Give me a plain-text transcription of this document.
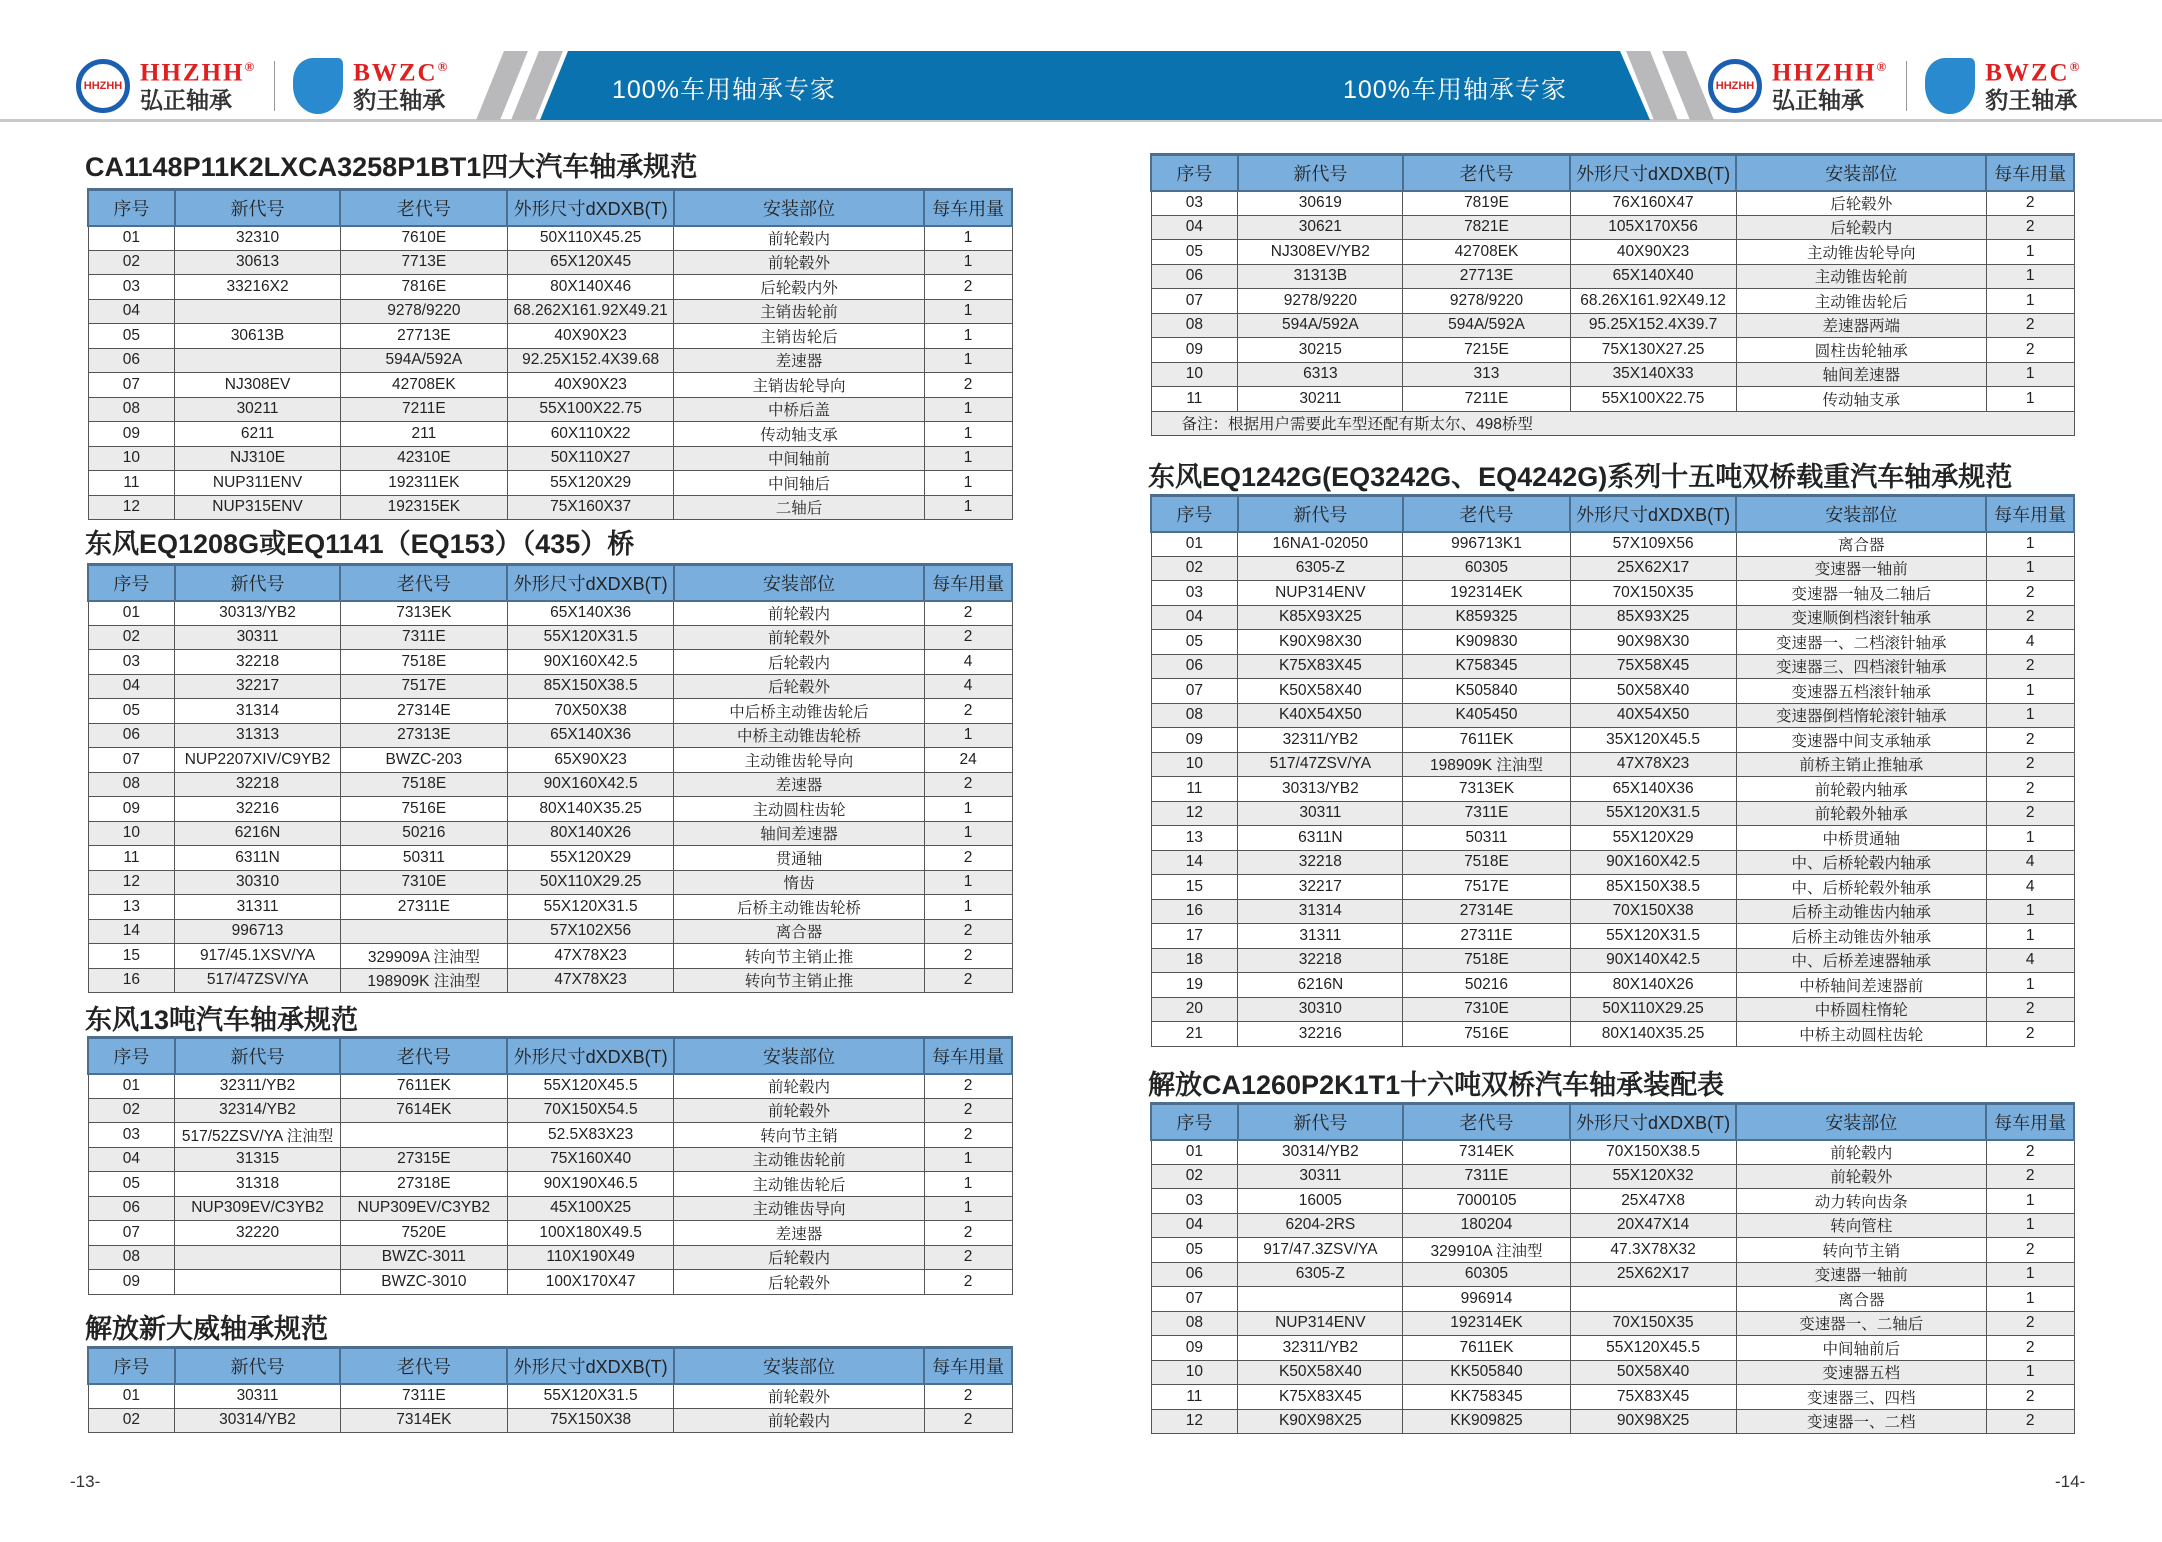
100%车用轴承专家	100%车用轴承专家
HHZHH HHZHH®
弘正轴承
BWZC®
豹王轴承
HHZHH HHZHH®
弘正轴承
BWZC®
豹王轴承
CA1148P11K2LXCA3258P1BT1四大汽车轴承规范
序号	新代号	老代号	外形尺寸dXDXB(T)	安装部位	每车用量
01	32310	7610E	50X110X45.25	前轮毂内	1
02	30613	7713E	65X120X45	前轮毂外	1
03	33216X2	7816E	80X140X46	后轮毂内外	2
04		9278/9220	68.262X161.92X49.21	主销齿轮前	1
05	30613B	27713E	40X90X23	主销齿轮后	1
06		594A/592A	92.25X152.4X39.68	差速器	1
07	NJ308EV	42708EK	40X90X23	主销齿轮导向	2
08	30211	7211E	55X100X22.75	中桥后盖	1
09	6211	211	60X110X22	传动轴支承	1
10	NJ310E	42310E	50X110X27	中间轴前	1
11	NUP311ENV	192311EK	55X120X29	中间轴后	1
12	NUP315ENV	192315EK	75X160X37	二轴后	1
东风EQ1208G或EQ1141（EQ153）（435）桥
序号	新代号	老代号	外形尺寸dXDXB(T)	安装部位	每车用量
01	30313/YB2	7313EK	65X140X36	前轮毂内	2
02	30311	7311E	55X120X31.5	前轮毂外	2
03	32218	7518E	90X160X42.5	后轮毂内	4
04	32217	7517E	85X150X38.5	后轮毂外	4
05	31314	27314E	70X50X38	中后桥主动锥齿轮后	2
06	31313	27313E	65X140X36	中桥主动锥齿轮桥	1
07	NUP2207XIV/C9YB2	BWZC-203	65X90X23	主动锥齿轮导向	24
08	32218	7518E	90X160X42.5	差速器	2
09	32216	7516E	80X140X35.25	主动圆柱齿轮	1
10	6216N	50216	80X140X26	轴间差速器	1
11	6311N	50311	55X120X29	贯通轴	2
12	30310	7310E	50X110X29.25	惰齿	1
13	31311	27311E	55X120X31.5	后桥主动锥齿轮桥	1
14	996713		57X102X56	离合器	2
15	917/45.1XSV/YA	329909A 注油型	47X78X23	转向节主销止推	2
16	517/47ZSV/YA	198909K 注油型	47X78X23	转向节主销止推	2
东风13吨汽车轴承规范
序号	新代号	老代号	外形尺寸dXDXB(T)	安装部位	每车用量
01	32311/YB2	7611EK	55X120X45.5	前轮毂内	2
02	32314/YB2	7614EK	70X150X54.5	前轮毂外	2
03	517/52ZSV/YA 注油型		52.5X83X23	转向节主销	2
04	31315	27315E	75X160X40	主动锥齿轮前	1
05	31318	27318E	90X190X46.5	主动锥齿轮后	1
06	NUP309EV/C3YB2	NUP309EV/C3YB2	45X100X25	主动锥齿导向	1
07	32220	7520E	100X180X49.5	差速器	2
08		BWZC-3011	110X190X49	后轮毂内	2
09		BWZC-3010	100X170X47	后轮毂外	2
解放新大威轴承规范
序号	新代号	老代号	外形尺寸dXDXB(T)	安装部位	每车用量
01	30311	7311E	55X120X31.5	前轮毂外	2
02	30314/YB2	7314EK	75X150X38	前轮毂内	2
序号	新代号	老代号	外形尺寸dXDXB(T)	安装部位	每车用量
03	30619	7819E	76X160X47	后轮毂外	2
04	30621	7821E	105X170X56	后轮毂内	2
05	NJ308EV/YB2	42708EK	40X90X23	主动锥齿轮导向	1
06	31313B	27713E	65X140X40	主动锥齿轮前	1
07	9278/9220	9278/9220	68.26X161.92X49.12	主动锥齿轮后	1
08	594A/592A	594A/592A	95.25X152.4X39.7	差速器两端	2
09	30215	7215E	75X130X27.25	圆柱齿轮轴承	2
10	6313	313	35X140X33	轴间差速器	1
11	30211	7211E	55X100X22.75	传动轴支承	1
备注：根据用户需要此车型还配有斯太尔、498桥型					
东风EQ1242G(EQ3242G、EQ4242G)系列十五吨双桥载重汽车轴承规范
序号	新代号	老代号	外形尺寸dXDXB(T)	安装部位	每车用量
01	16NA1-02050	996713K1	57X109X56	离合器	1
02	6305-Z	60305	25X62X17	变速器一轴前	1
03	NUP314ENV	192314EK	70X150X35	变速器一轴及二轴后	2
04	K85X93X25	K859325	85X93X25	变速顺倒档滚针轴承	2
05	K90X98X30	K909830	90X98X30	变速器一、二档滚针轴承	4
06	K75X83X45	K758345	75X58X45	变速器三、四档滚针轴承	2
07	K50X58X40	K505840	50X58X40	变速器五档滚针轴承	1
08	K40X54X50	K405450	40X54X50	变速器倒档惰轮滚针轴承	1
09	32311/YB2	7611EK	35X120X45.5	变速器中间支承轴承	2
10	517/47ZSV/YA	198909K 注油型	47X78X23	前桥主销止推轴承	2
11	30313/YB2	7313EK	65X140X36	前轮毂内轴承	2
12	30311	7311E	55X120X31.5	前轮毂外轴承	2
13	6311N	50311	55X120X29	中桥贯通轴	1
14	32218	7518E	90X160X42.5	中、后桥轮毂内轴承	4
15	32217	7517E	85X150X38.5	中、后桥轮毂外轴承	4
16	31314	27314E	70X150X38	后桥主动锥齿内轴承	1
17	31311	27311E	55X120X31.5	后桥主动锥齿外轴承	1
18	32218	7518E	90X140X42.5	中、后桥差速器轴承	4
19	6216N	50216	80X140X26	中桥轴间差速器前	1
20	30310	7310E	50X110X29.25	中桥圆柱惰轮	2
21	32216	7516E	80X140X35.25	中桥主动圆柱齿轮	2
解放CA1260P2K1T1十六吨双桥汽车轴承装配表
序号	新代号	老代号	外形尺寸dXDXB(T)	安装部位	每车用量
01	30314/YB2	7314EK	70X150X38.5	前轮毂内	2
02	30311	7311E	55X120X32	前轮毂外	2
03	16005	7000105	25X47X8	动力转向齿条	1
04	6204-2RS	180204	20X47X14	转向管柱	1
05	917/47.3ZSV/YA	329910A 注油型	47.3X78X32	转向节主销	2
06	6305-Z	60305	25X62X17	变速器一轴前	1
07		996914		离合器	1
08	NUP314ENV	192314EK	70X150X35	变速器一、二轴后	2
09	32311/YB2	7611EK	55X120X45.5	中间轴前后	2
10	K50X58X40	KK505840	50X58X40	变速器五档	1
11	K75X83X45	KK758345	75X83X45	变速器三、四档	2
12	K90X98X25	KK909825	90X98X25	变速器一、二档	2
-13-	-14-
